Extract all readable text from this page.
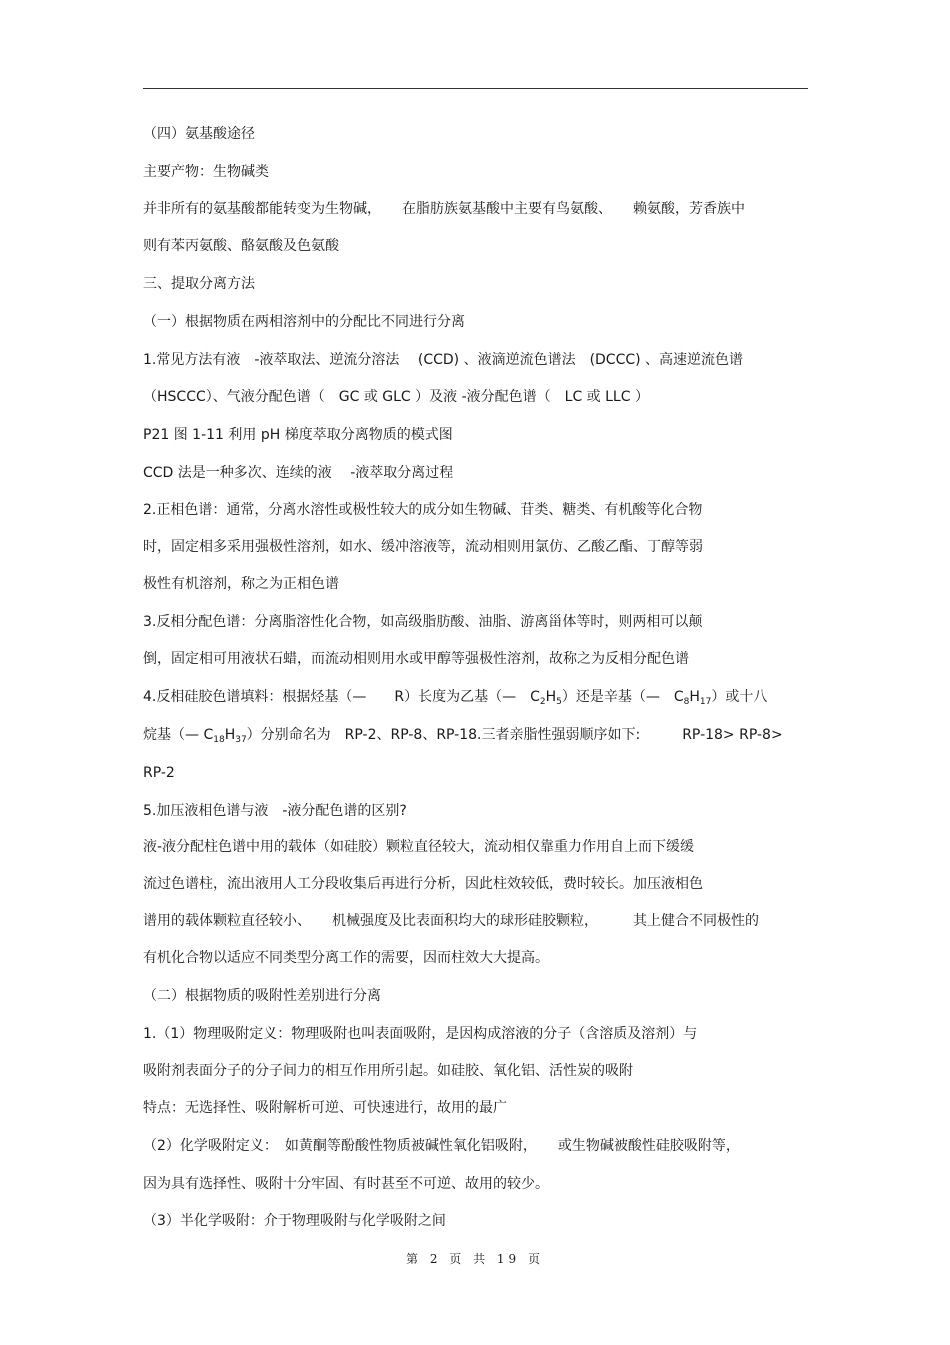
（四）氨基酸途径
主要产物：生物碱类
并非所有的氨基酸都能转变为生物碱，　　在脂肪族氨基酸中主要有鸟氨酸、　　赖氨酸，芳香族中
则有苯丙氨酸、酪氨酸及色氨酸
三、提取分离方法
（一）根据物质在两相溶剂中的分配比不同进行分离
1.常见方法有液　-液萃取法、逆流分溶法　 (CCD) 、液滴逆流色谱法　(DCCC) 、高速逆流色谱
（HSCCC）、气液分配色谱（　GC 或 GLC ）及液 -液分配色谱（　LC 或 LLC ）
P21 图 1-11 利用 pH 梯度萃取分离物质的模式图
CCD 法是一种多次、连续的液　 -液萃取分离过程
2.正相色谱：通常，分离水溶性或极性较大的成分如生物碱、苷类、糖类、有机酸等化合物
时，固定相多采用强极性溶剂，如水、缓冲溶液等，流动相则用氯仿、乙酸乙酯、丁醇等弱
极性有机溶剂，称之为正相色谱
3.反相分配色谱：分离脂溶性化合物，如高级脂肪酸、油脂、游离甾体等时，则两相可以颠
倒，固定相可用液状石蜡，而流动相则用水或甲醇等强极性溶剂，故称之为反相分配色谱
4.反相硅胶色谱填料：根据烃基（—　　R）长度为乙基（—　$C_2H_5$）还是辛基（—　$C_8H_{17}$）或十八
烷基（— $C_{18}H_{37}$）分别命名为　RP-2、RP-8、RP-18.三者亲脂性强弱顺序如下:　　　RP-18> RP-8>
RP-2
5.加压液相色谱与液　-液分配色谱的区别?
液-液分配柱色谱中用的载体（如硅胶）颗粒直径较大，流动相仅靠重力作用自上而下缓缓
流过色谱柱，流出液用人工分段收集后再进行分析，因此柱效较低，费时较长。加压液相色
谱用的载体颗粒直径较小、　　机械强度及比表面积均大的球形硅胶颗粒，　　　其上健合不同极性的
有机化合物以适应不同类型分离工作的需要，因而柱效大大提高。
（二）根据物质的吸附性差别进行分离
1.（1）物理吸附定义：物理吸附也叫表面吸附，是因构成溶液的分子（含溶质及溶剂）与
吸附剂表面分子的分子间力的相互作用所引起。如硅胶、氧化铝、活性炭的吸附
特点：无选择性、吸附解析可逆、可快速进行，故用的最广
（2）化学吸附定义：　如黄酮等酚酸性物质被碱性氧化铝吸附，　　或生物碱被酸性硅胶吸附等，
因为具有选择性、吸附十分牢固、有时甚至不可逆、故用的较少。
（3）半化学吸附：介于物理吸附与化学吸附之间
第 2 页 共 19 页
